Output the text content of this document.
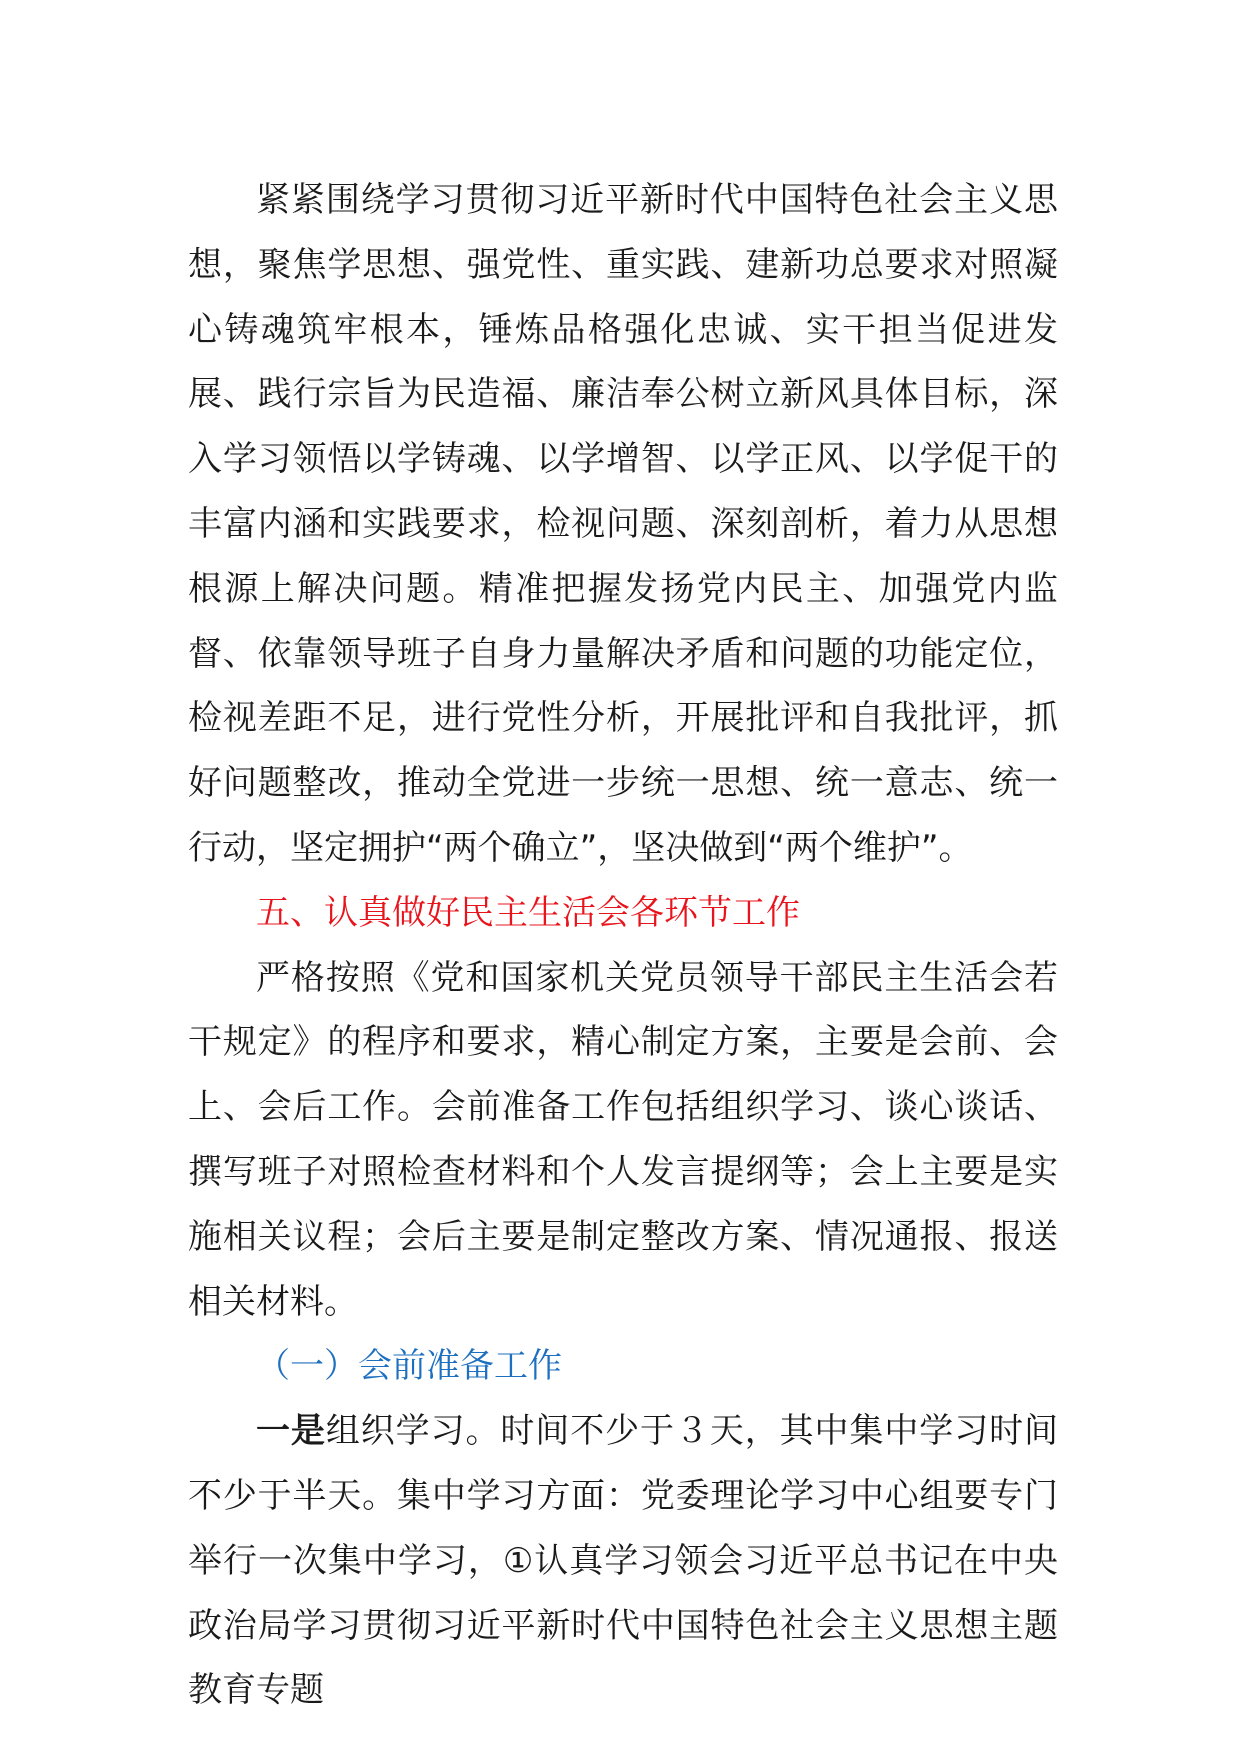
紧紧围绕学习贯彻习近平新时代中国特色社会主义思想，聚焦学思想、强党性、重实践、建新功总要求对照凝心铸魂筑牢根本，锤炼品格强化忠诚、实干担当促进发展、践行宗旨为民造福、廉洁奉公树立新风具体目标，深入学习领悟以学铸魂、以学增智、以学正风、以学促干的丰富内涵和实践要求，检视问题、深刻剖析，着力从思想根源上解决问题。精准把握发扬党内民主、加强党内监督、依靠领导班子自身力量解决矛盾和问题的功能定位，检视差距不足，进行党性分析，开展批评和自我批评，抓好问题整改，推动全党进一步统一思想、统一意志、统一行动，坚定拥护“两个确立”，坚决做到“两个维护”。

五、认真做好民主生活会各环节工作

严格按照《党和国家机关党员领导干部民主生活会若干规定》的程序和要求，精心制定方案，主要是会前、会上、会后工作。会前准备工作包括组织学习、谈心谈话、撰写班子对照检查材料和个人发言提纲等；会上主要是实施相关议程；会后主要是制定整改方案、情况通报、报送相关材料。

（一）会前准备工作

一是组织学习。时间不少于３天，其中集中学习时间不少于半天。集中学习方面：党委理论学习中心组要专门举行一次集中学习，①认真学习领会习近平总书记在中央政治局学习贯彻习近平新时代中国特色社会主义思想主题教育专题
